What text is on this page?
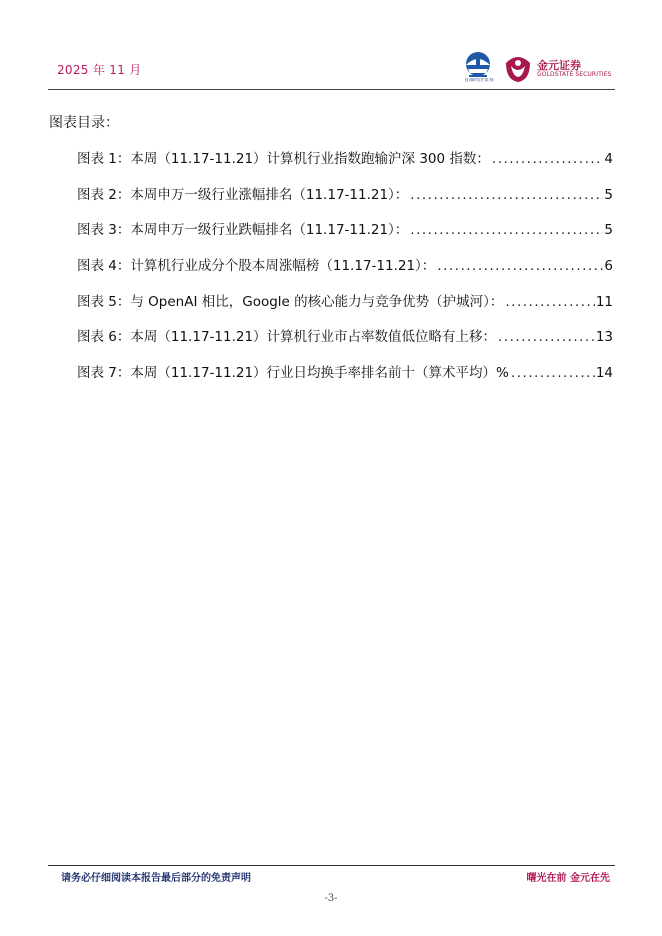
2025 年 11 月
首都经济贸易
金元证券
GOLDSTATE SECURITIES
图表目录：
图表 1：本周（11.17-11.21）计算机行业指数跑输沪深 300 指数： .....	4
图表 2：本周申万一级行业涨幅排名（11.17-11.21）： .....	5
图表 3：本周申万一级行业跌幅排名（11.17-11.21）： .....	5
图表 4：计算机行业成分个股本周涨幅榜（11.17-11.21）： .....	6
图表 5：与 OpenAI 相比，Google 的核心能力与竞争优势（护城河）： .....	11
图表 6：本周（11.17-11.21）计算机行业市占率数值低位略有上移： .....	13
图表 7：本周（11.17-11.21）行业日均换手率排名前十（算术平均）% .....	14
请务必仔细阅读本报告最后部分的免责声明	曙光在前 金元在先
-3-
